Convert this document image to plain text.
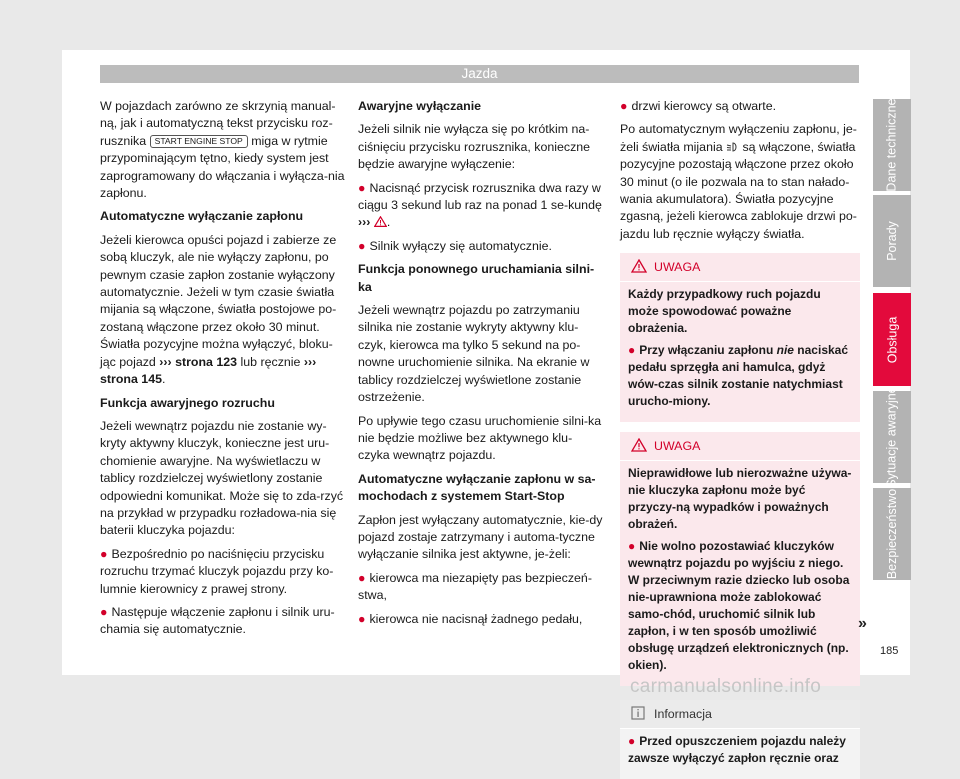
Jazda

W pojazdach zarówno ze skrzynią manual-ną, jak i automatyczną tekst przycisku roz-rusznika START ENGINE STOP miga w rytmie przypominającym tętno, kiedy system jest zaprogramowany do włączania i wyłącza-nia zapłonu.

Automatyczne wyłączanie zapłonu

Jeżeli kierowca opuści pojazd i zabierze ze sobą kluczyk, ale nie wyłączy zapłonu, po pewnym czasie zapłon zostanie wyłączony automatycznie. Jeżeli w tym czasie światła mijania są włączone, światła postojowe po-zostaną włączone przez około 30 minut. Światła pozycyjne można wyłączyć, bloku-jąc pojazd ››› strona 123 lub ręcznie ››› strona 145.

Funkcja awaryjnego rozruchu

Jeżeli wewnątrz pojazdu nie zostanie wy-kryty aktywny kluczyk, konieczne jest uru-chomienie awaryjne. Na wyświetlaczu w tablicy rozdzielczej wyświetlony zostanie odpowiedni komunikat. Może się to zda-rzyć na przykład w przypadku rozładowa-nia się baterii kluczyka pojazdu:

● Bezpośrednio po naciśnięciu przycisku rozruchu trzymać kluczyk pojazdu przy ko-lumnie kierownicy z prawej strony.

● Następuje włączenie zapłonu i silnik uru-chamia się automatycznie.

Awaryjne wyłączanie

Jeżeli silnik nie wyłącza się po krótkim na-ciśnięciu przycisku rozrusznika, konieczne będzie awaryjne wyłączenie:

● Nacisnąć przycisk rozrusznika dwa razy w ciągu 3 sekund lub raz na ponad 1 se-kundę ››› .

● Silnik wyłączy się automatycznie.

Funkcja ponownego uruchamiania silni-ka

Jeżeli wewnątrz pojazdu po zatrzymaniu silnika nie zostanie wykryty aktywny klu-czyk, kierowca ma tylko 5 sekund na po-nowne uruchomienie silnika. Na ekranie w tablicy rozdzielczej wyświetlone zostanie ostrzeżenie.

Po upływie tego czasu uruchomienie silni-ka nie będzie możliwe bez aktywnego klu-czyka wewnątrz pojazdu.

Automatyczne wyłączanie zapłonu w sa-mochodach z systemem Start-Stop

Zapłon jest wyłączany automatycznie, kie-dy pojazd zostaje zatrzymany i automa-tyczne wyłączanie silnika jest aktywne, je-żeli:

● kierowca ma niezapięty pas bezpieczeń-stwa,

● kierowca nie nacisnął żadnego pedału,

● drzwi kierowcy są otwarte.

Po automatycznym wyłączeniu zapłonu, je-żeli światła mijania  są włączone, światła pozycyjne pozostają włączone przez około 30 minut (o ile pozwala na to stan nałado-wania akumulatora). Światła pozycyjne zgasną, jeżeli kierowca zablokuje drzwi po-jazdu lub ręcznie wyłączy światła.

UWAGA

Każdy przypadkowy ruch pojazdu może spowodować poważne obrażenia.

● Przy włączaniu zapłonu nie naciskać pedału sprzęgła ani hamulca, gdyż wów-czas silnik zostanie natychmiast urucho-miony.

UWAGA

Nieprawidłowe lub nierozważne używa-nie kluczyka zapłonu może być przyczy-ną wypadków i poważnych obrażeń.

● Nie wolno pozostawiać kluczyków wewnątrz pojazdu po wyjściu z niego. W przeciwnym razie dziecko lub osoba nie-uprawniona może zablokować samo-chód, uruchomić silnik lub zapłon, i w ten sposób umożliwić obsługę urządzeń elektronicznych (np. okien).

Informacja

● Przed opuszczeniem pojazdu należy zawsze wyłączyć zapłon ręcznie oraz

Dane techniczne
Porady
Obsługa
Sytuacje awaryjne
Bezpieczeństwo
»
185
carmanualsonline.info
